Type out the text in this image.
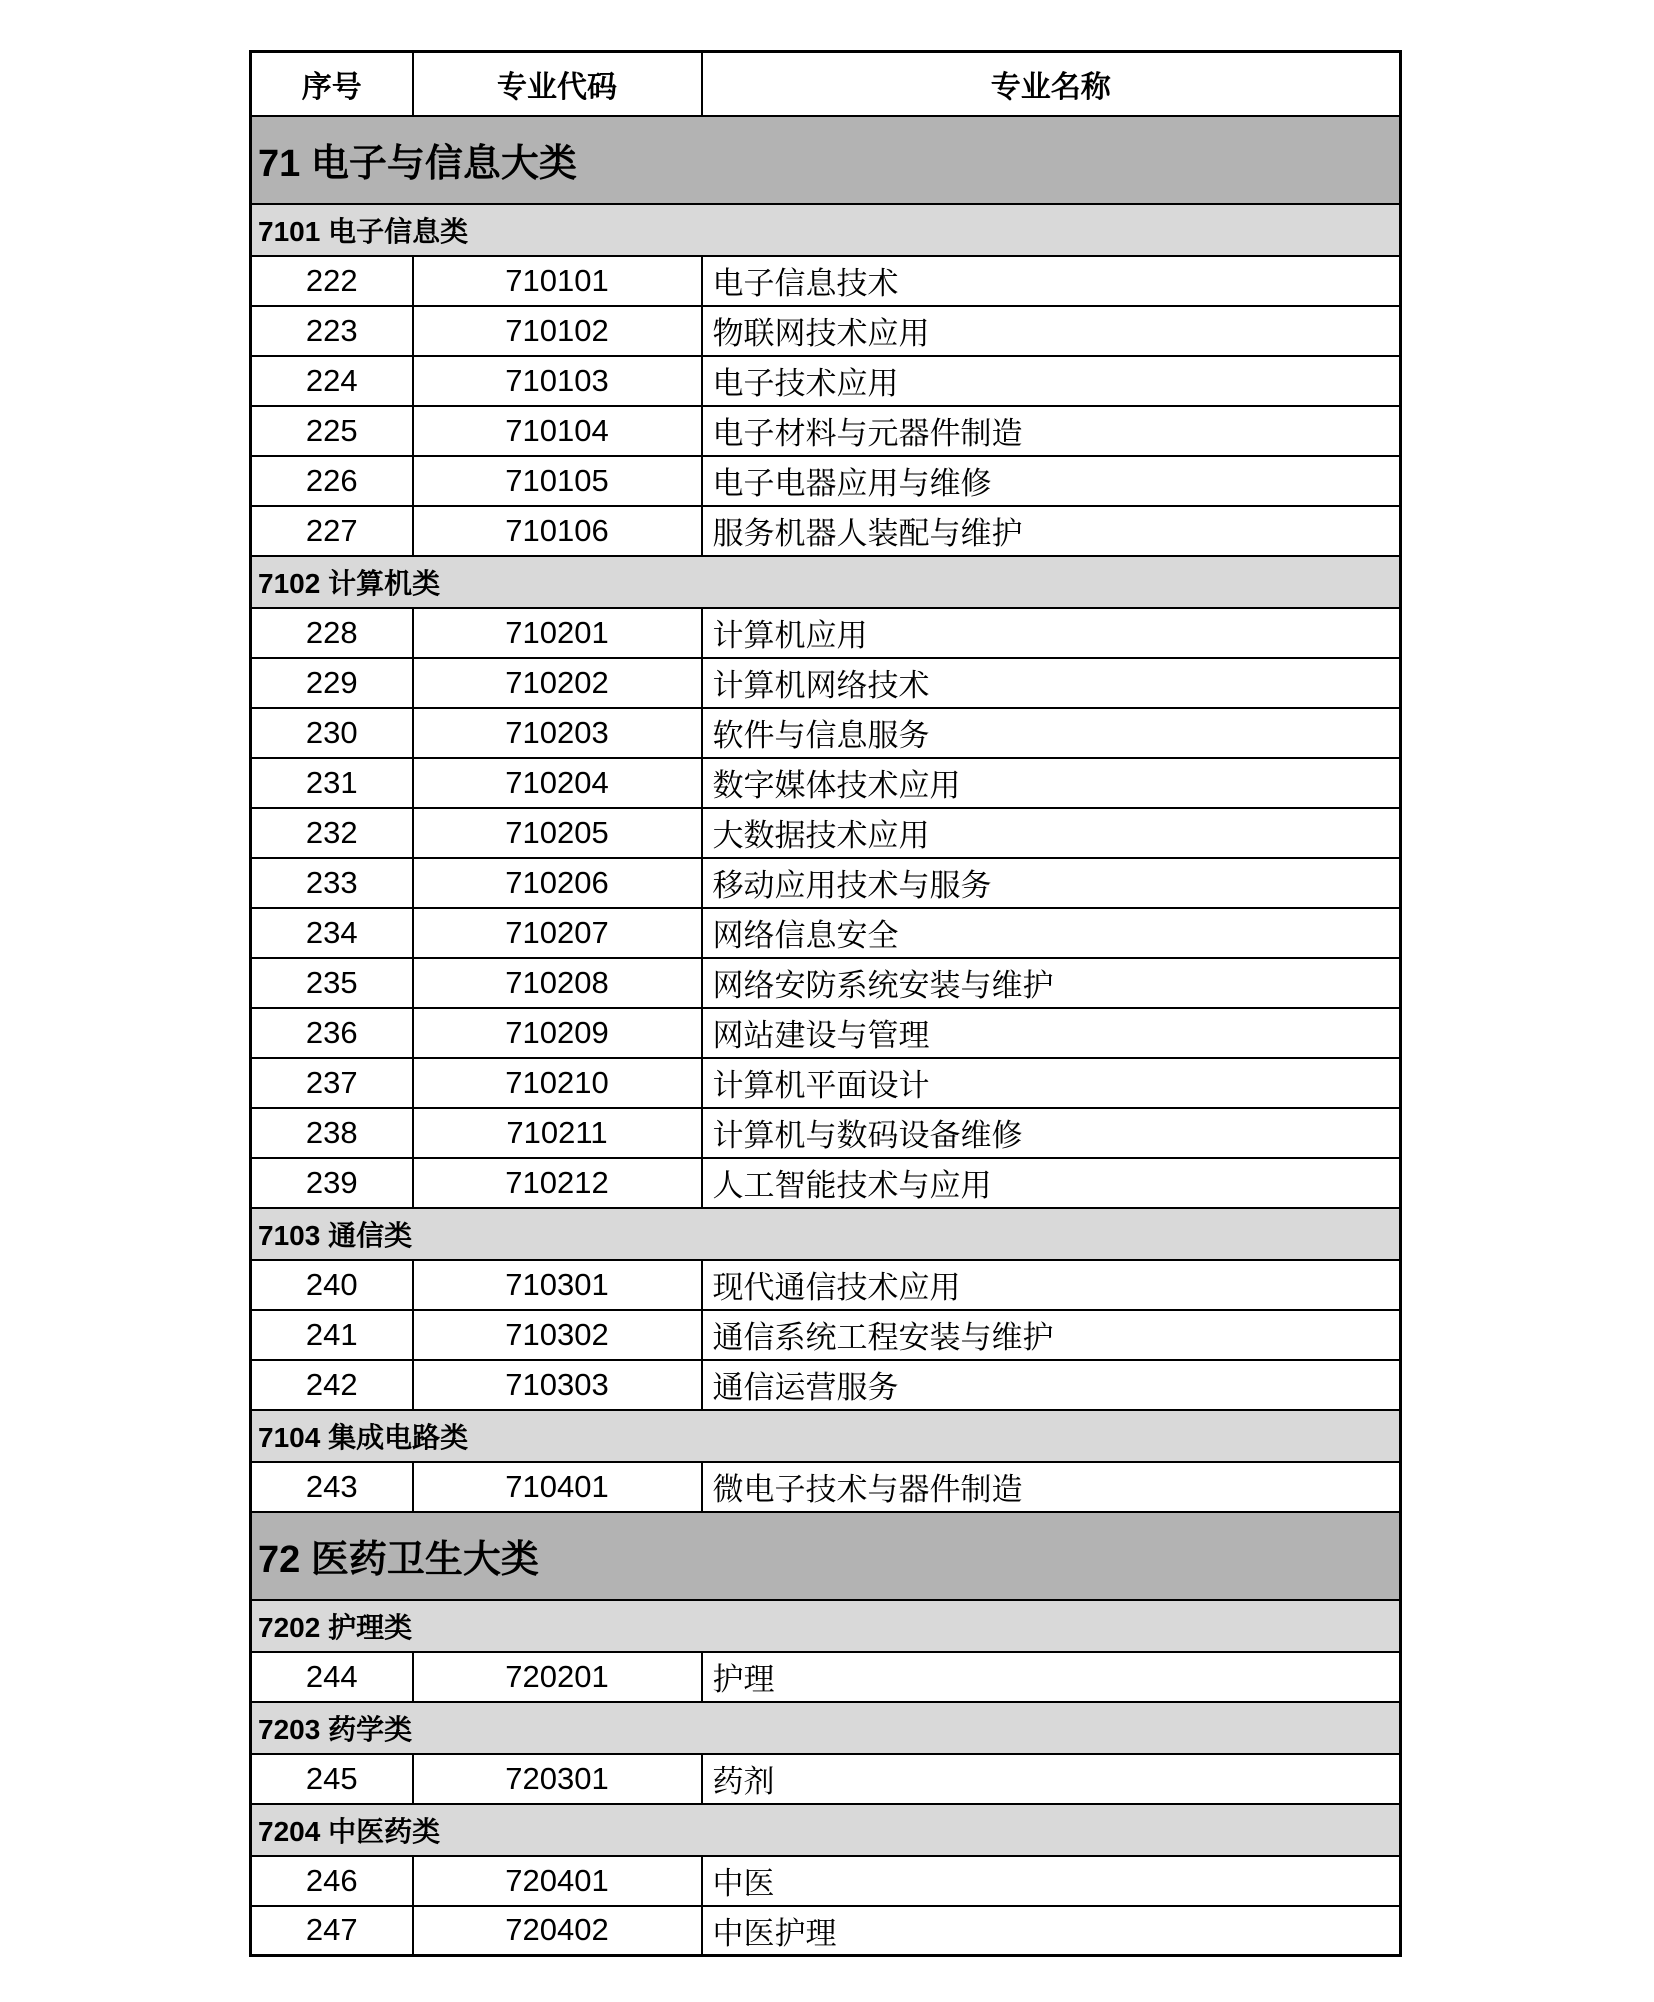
序号	专业代码	专业名称
71 电子与信息大类		
7101 电子信息类		
222	710101	电子信息技术
223	710102	物联网技术应用
224	710103	电子技术应用
225	710104	电子材料与元器件制造
226	710105	电子电器应用与维修
227	710106	服务机器人装配与维护
7102 计算机类		
228	710201	计算机应用
229	710202	计算机网络技术
230	710203	软件与信息服务
231	710204	数字媒体技术应用
232	710205	大数据技术应用
233	710206	移动应用技术与服务
234	710207	网络信息安全
235	710208	网络安防系统安装与维护
236	710209	网站建设与管理
237	710210	计算机平面设计
238	710211	计算机与数码设备维修
239	710212	人工智能技术与应用
7103 通信类		
240	710301	现代通信技术应用
241	710302	通信系统工程安装与维护
242	710303	通信运营服务
7104 集成电路类		
243	710401	微电子技术与器件制造
72 医药卫生大类		
7202 护理类		
244	720201	护理
7203 药学类		
245	720301	药剂
7204 中医药类		
246	720401	中医
247	720402	中医护理
